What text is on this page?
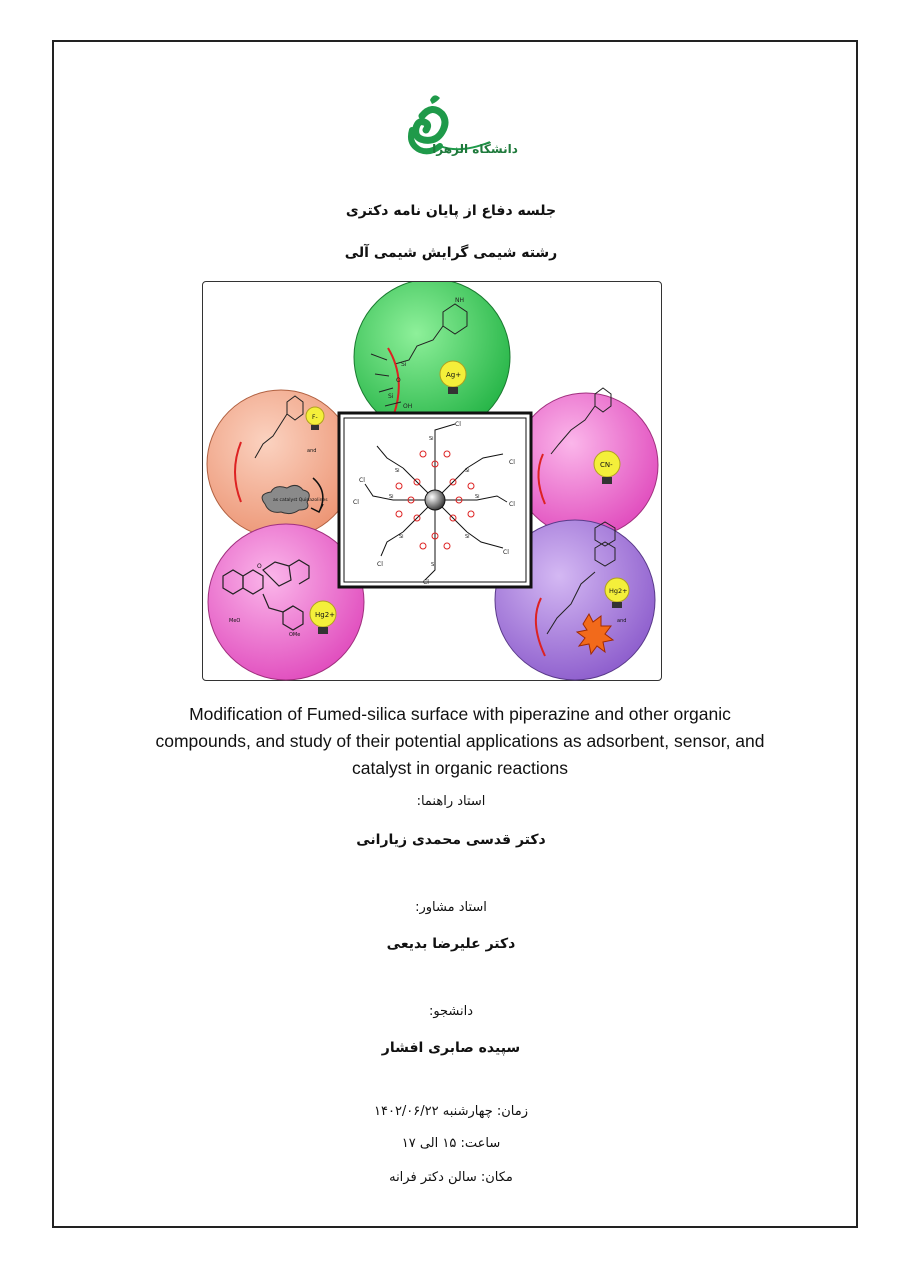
دانشگاه الزهرا
جلسه دفاع از پایان نامه دکتری
رشته شیمی گرایش شیمی آلی
NH
Si
O
Si
OH
as catalyst Quinazolines
F-
and
CN-
Ag+
O
MeO
OMe
Hg2+
Hg2+
and
Cl
Cl
Cl
Cl	Cl
Cl
Cl
Cl
Si
Si	Si
Si	Si
Si	Si
Si
Modification of Fumed-silica surface with piperazine and other organic
compounds, and study of their potential applications as adsorbent, sensor, and
catalyst in organic reactions
استاد راهنما:
دکتر قدسی محمدی زیارانی
استاد مشاور:
دکتر علیرضا بدیعی
دانشجو:
سپیده صابری افشار
زمان: چهارشنبه ۱۴۰۲/۰۶/۲۲
ساعت: ۱۵ الی ۱۷
مکان: سالن دکتر فرانه
